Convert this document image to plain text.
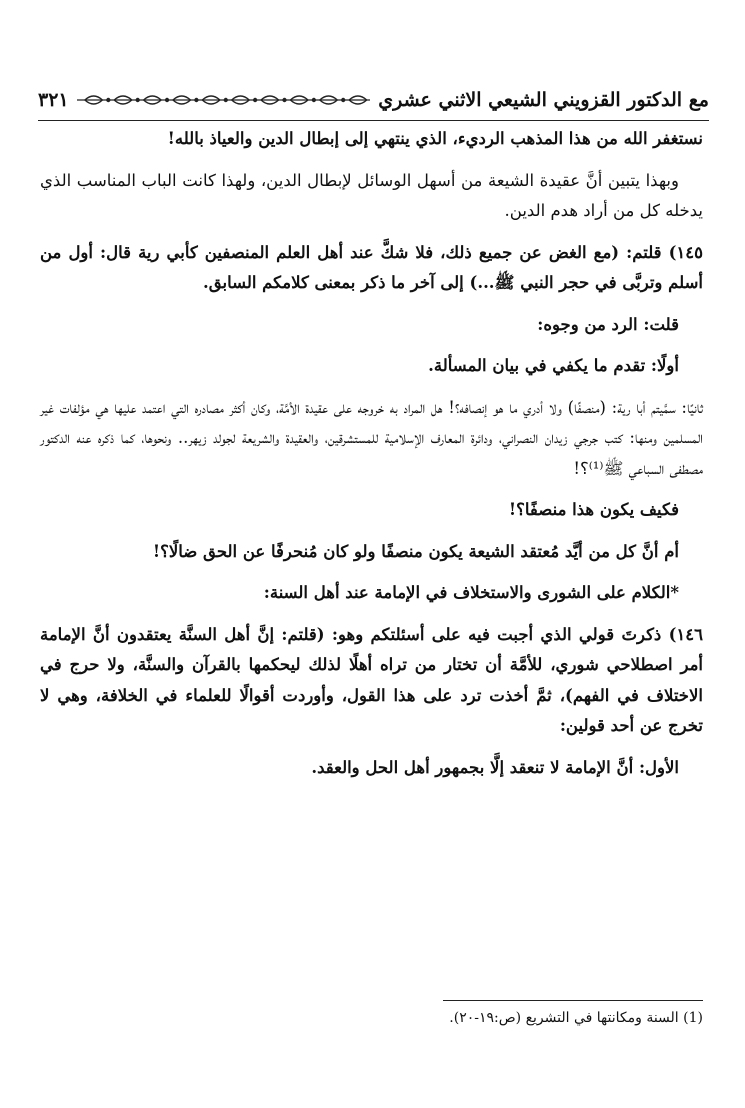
مع الدكتور القزويني الشيعي الاثني عشري
٣٢١

نستغفر الله من هذا المذهب الرديء، الذي ينتهي إلى إبطال الدين والعياذ بالله!

وبهذا يتبين أنَّ عقيدة الشيعة من أسهل الوسائل لإبطال الدين، ولهذا كانت الباب المناسب الذي يدخله كل من أراد هدم الدين.

١٤٥) قلتم: (مع الغض عن جميع ذلك، فلا شكَّ عند أهل العلم المنصفين كأبي رية قال: أول من أسلم وتربَّى في حجر النبي ﷺ...) إلى آخر ما ذكر بمعنى كلامكم السابق.

قلت: الرد من وجوه:

أولًا: تقدم ما يكفي في بيان المسألة.

ثانيًا: سمَّيتم أبا رية: (منصفًا) ولا أدري ما هو إنصافه؟! هل المراد به خروجه على عقيدة الأمَّة، وكان أكثر مصادره التي اعتمد عليها هي مؤلفات غير المسلمين ومنها: كتب جرجي زيدان النصراني، ودائرة المعارف الإسلامية للمستشرقين، والعقيدة والشريعة لجولد زيهر.. ونحوها، كما ذكره عنه الدكتور مصطفى السباعي ﷺ⁽¹⁾؟!

فكيف يكون هذا منصفًا؟!

أم أنَّ كل من أيَّد مُعتقد الشيعة يكون منصفًا ولو كان مُنحرفًا عن الحق ضالًا؟!

*الكلام على الشورى والاستخلاف في الإمامة عند أهل السنة:

١٤٦) ذكرتَ قولي الذي أجبت فيه على أسئلتكم وهو: (قلتم: إنَّ أهل السنَّة يعتقدون أنَّ الإمامة أمر اصطلاحي شوري، للأمَّة أن تختار من تراه أهلًا لذلك ليحكمها بالقرآن والسنَّة، ولا حرج في الاختلاف في الفهم)، ثمَّ أخذت ترد على هذا القول، وأوردت أقوالًا للعلماء في الخلافة، وهي لا تخرج عن أحد قولين:

الأول: أنَّ الإمامة لا تنعقد إلَّا بجمهور أهل الحل والعقد.

(1) السنة ومكانتها في التشريع (ص:١٩-٢٠).
